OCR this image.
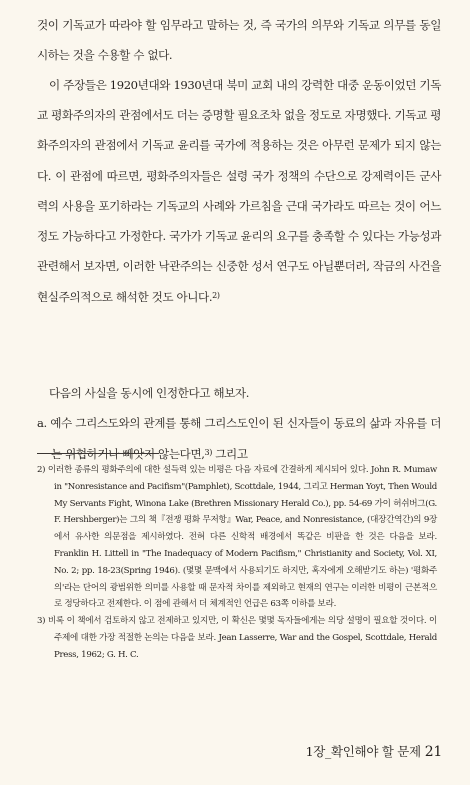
것이 기독교가 따라야 할 임무라고 말하는 것, 즉 국가의 의무와 기독교 의무를 동일시하는 것을 수용할 수 없다.

이 주장들은 1920년대와 1930년대 북미 교회 내의 강력한 대중 운동이었던 기독교 평화주의자의 관점에서도 더는 증명할 필요조차 없을 정도로 자명했다. 기독교 평화주의자의 관점에서 기독교 윤리를 국가에 적용하는 것은 아무런 문제가 되지 않는다. 이 관점에 따르면, 평화주의자들은 설령 국가 정책의 수단으로 강제력이든 군사력의 사용을 포기하라는 기독교의 사례와 가르침을 근대 국가라도 따르는 것이 어느 정도 가능하다고 가정한다. 국가가 기독교 윤리의 요구를 충족할 수 있다는 가능성과 관련해서 보자면, 이러한 낙관주의는 신중한 성서 연구도 아닐뿐더러, 작금의 사건을 현실주의적으로 해석한 것도 아니다.$^{2)}$

다음의 사실을 동시에 인정한다고 해보자.

a. 예수 그리스도와의 관계를 통해 그리스도인이 된 신자들이 동료의 삶과 자유를 더는 위협하거나 빼앗지 않는다면,$^{3)}$ 그리고

2) 이러한 종류의 평화주의에 대한 설득력 있는 비평은 다음 자료에 간결하게 제시되어 있다. John R. Mumaw in "Nonresistance and Pacifism"(Pamphlet), Scottdale, 1944, 그리고 Herman Yoyt, Then Would My Servants Fight, Winona Lake (Brethren Missionary Herald Co.), pp. 54-69 가이 허쉬버그(G. F. Hershberger)는 그의 책『전쟁 평화 무저항』War, Peace, and Nonresistance, (대장간역간)의 9장에서 유사한 의문점을 제시하였다. 전혀 다른 신학적 배경에서 똑같은 비판을 한 것은 다음을 보라. Franklin H. Littell in "The Inadequacy of Modern Pacifism," Christianity and Society, Vol. XI, No. 2; pp. 18-23(Spring 1946). (몇몇 문맥에서 사용되기도 하지만, 혹자에게 오해받기도 하는) '평화주의'라는 단어의 광범위한 의미를 사용할 때 문자적 차이를 제외하고 현재의 연구는 이러한 비평이 근본적으로 정당하다고 전제한다. 이 점에 관해서 더 체계적인 언급은 63쪽 이하를 보라.

3) 비록 이 책에서 검토하지 않고 전제하고 있지만, 이 확신은 몇몇 독자들에게는 의당 설명이 필요할 것이다. 이 주제에 대한 가장 적절한 논의는 다음을 보라. Jean Lasserre, War and the Gospel, Scottdale, Herald Press, 1962; G. H. C.

1장_확인해야 할 문제 21
